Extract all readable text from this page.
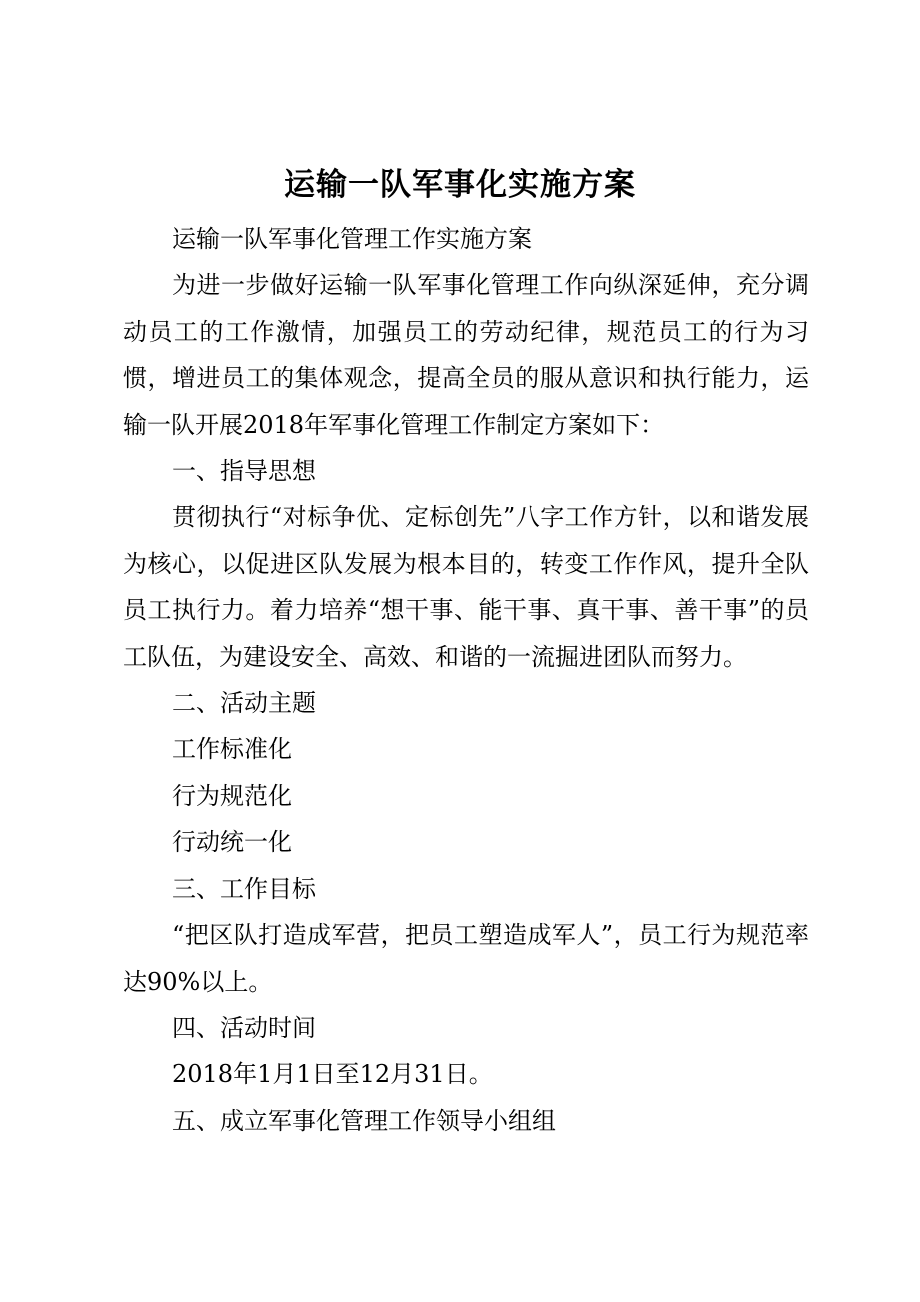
运输一队军事化实施方案

运输一队军事化管理工作实施方案

为进一步做好运输一队军事化管理工作向纵深延伸，充分调动员工的工作激情，加强员工的劳动纪律，规范员工的行为习惯，增进员工的集体观念，提高全员的服从意识和执行能力，运输一队开展2018年军事化管理工作制定方案如下：

一、指导思想

贯彻执行“对标争优、定标创先”八字工作方针，以和谐发展为核心，以促进区队发展为根本目的，转变工作作风，提升全队员工执行力。着力培养“想干事、能干事、真干事、善干事”的员工队伍，为建设安全、高效、和谐的一流掘进团队而努力。

二、活动主题

工作标准化

行为规范化

行动统一化

三、工作目标

“把区队打造成军营，把员工塑造成军人”，员工行为规范率达90%以上。

四、活动时间

2018年1月1日至12月31日。

五、成立军事化管理工作领导小组组
